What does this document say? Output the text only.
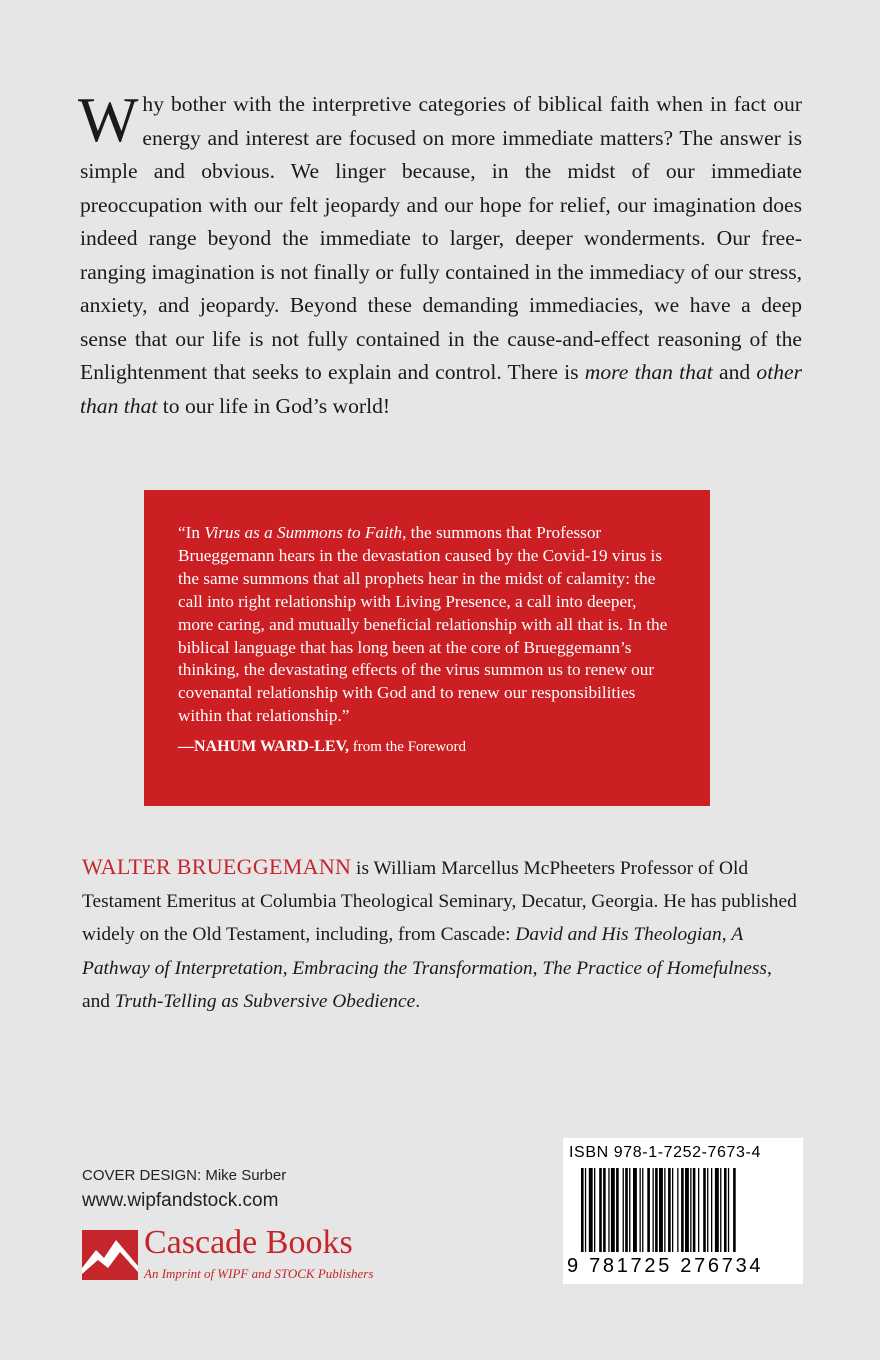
Why bother with the interpretive categories of biblical faith when in fact our energy and interest are focused on more immediate matters? The answer is simple and obvious. We linger because, in the midst of our immediate preoccupation with our felt jeopardy and our hope for relief, our imagination does indeed range beyond the immediate to larger, deeper wonderments. Our free-ranging imagination is not finally or fully contained in the immediacy of our stress, anxiety, and jeopardy. Beyond these demanding immediacies, we have a deep sense that our life is not fully contained in the cause-and-effect reasoning of the Enlightenment that seeks to explain and control. There is more than that and other than that to our life in God’s world!

“In Virus as a Summons to Faith, the summons that Professor Brueggemann hears in the devastation caused by the Covid-19 virus is the same summons that all prophets hear in the midst of calamity: the call into right relationship with Living Presence, a call into deeper, more caring, and mutually beneficial relationship with all that is. In the biblical language that has long been at the core of Brueggemann’s thinking, the devastating effects of the virus summon us to renew our covenantal relationship with God and to renew our responsibilities within that relationship.”

—NAHUM WARD-LEV, from the Foreword

WALTER BRUEGGEMANN is William Marcellus McPheeters Professor of Old Testament Emeritus at Columbia Theological Seminary, Decatur, Georgia. He has published widely on the Old Testament, including, from Cascade: David and His Theologian, A Pathway of Interpretation, Embracing the Transformation, The Practice of Homefulness, and Truth-Telling as Subversive Obedience.

COVER DESIGN: Mike Surber
www.wipfandstock.com
Cascade Books
An Imprint of WIPF and STOCK Publishers
ISBN 978-1-7252-7673-4
9 781725 276734
